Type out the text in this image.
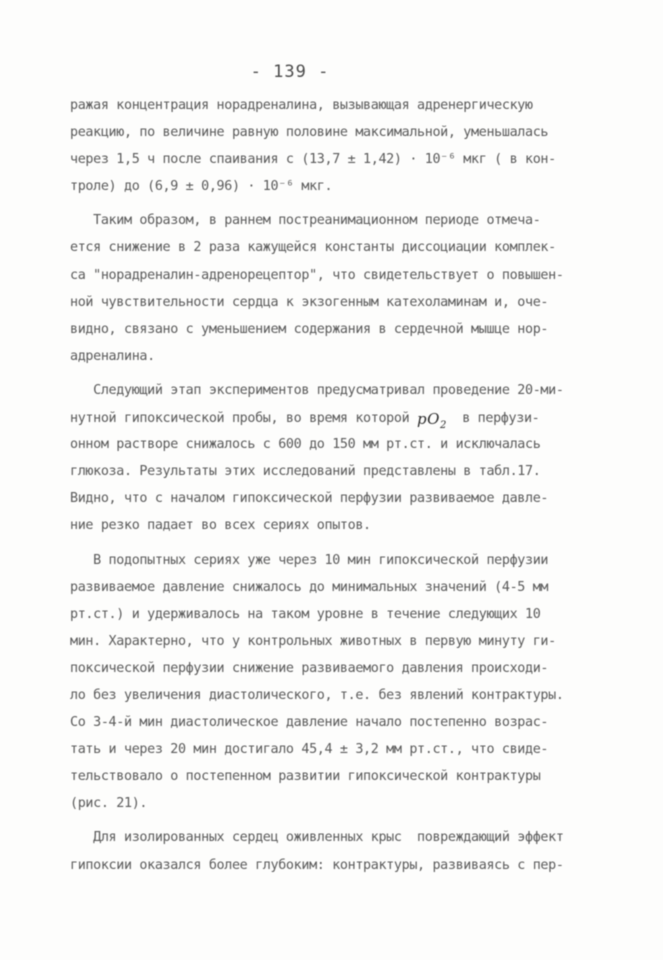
- 139 -
ражая концентрация норадреналина, вызывающая адренергическую
реакцию, по величине равную половине максимальной, уменьшалась
через 1,5 ч после спаивания с (13,7 ± 1,42) · 10⁻⁶ мкг ( в кон-
троле) до (6,9 ± 0,96) · 10⁻⁶ мкг.
Таким образом, в раннем постреанимационном периоде отмеча-
ется снижение в 2 раза кажущейся константы диссоциации комплек-
са "норадреналин-адренорецептор", что свидетельствует о повышен-
ной чувствительности сердца к экзогенным катехоламинам и, оче-
видно, связано с уменьшением содержания в сердечной мышце нор-
адреналина.
Следующий этап экспериментов предусматривал проведение 20-ми-
нутной гипоксической пробы, во время которой $pO_2$  в перфузи-
онном растворе снижалось с 600 до 150 мм рт.ст. и исключалась
глюкоза. Результаты этих исследований представлены в табл.17.
Видно, что с началом гипоксической перфузии развиваемое давле-
ние резко падает во всех сериях опытов.
В подопытных сериях уже через 10 мин гипоксической перфузии
развиваемое давление снижалось до минимальных значений (4-5 мм
рт.ст.) и удерживалось на таком уровне в течение следующих 10
мин. Характерно, что у контрольных животных в первую минуту ги-
поксической перфузии снижение развиваемого давления происходи-
ло без увеличения диастолического, т.е. без явлений контрактуры.
Со 3-4-й мин диастолическое давление начало постепенно возрас-
тать и через 20 мин достигало 45,4 ± 3,2 мм рт.ст., что свиде-
тельствовало о постепенном развитии гипоксической контрактуры
(рис. 21).
Для изолированных сердец оживленных крыс  повреждающий эффект
гипоксии оказался более глубоким: контрактуры, развиваясь с пер-
